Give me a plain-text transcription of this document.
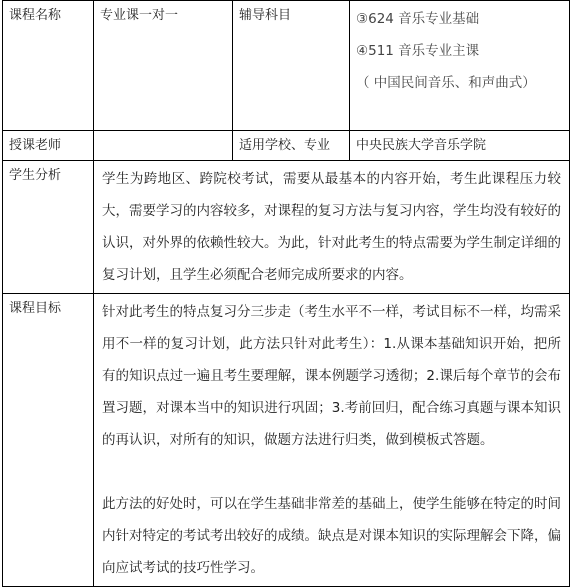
课程名称	专业课一对一	辅导科目	③624 音乐专业基础
④511 音乐专业主课
（ 中国民间音乐、和声曲式）

授课老师		适用学校、专业	中央民族大学音乐学院
学生分析	学生为跨地区、跨院校考试，需要从最基本的内容开始，考生此课程压力较大，需要学习的内容较多，对课程的复习方法与复习内容，学生均没有较好的认识，对外界的依赖性较大。为此，针对此考生的特点需要为学生制定详细的复习计划，且学生必须配合老师完成所要求的内容。		

课程目标	针对此考生的特点复习分三步走（考生水平不一样，考试目标不一样，均需采用不一样的复习计划，此方法只针对此考生）：1.从课本基础知识开始，把所有的知识点过一遍且考生要理解，课本例题学习透彻；2.课后每个章节的会布置习题，对课本当中的知识进行巩固；3.考前回归，配合练习真题与课本知识的再认识，对所有的知识，做题方法进行归类，做到模板式答题。

此方法的好处时，可以在学生基础非常差的基础上，使学生能够在特定的时间内针对特定的考试考出较好的成绩。缺点是对课本知识的实际理解会下降，偏向应试考试的技巧性学习。		
